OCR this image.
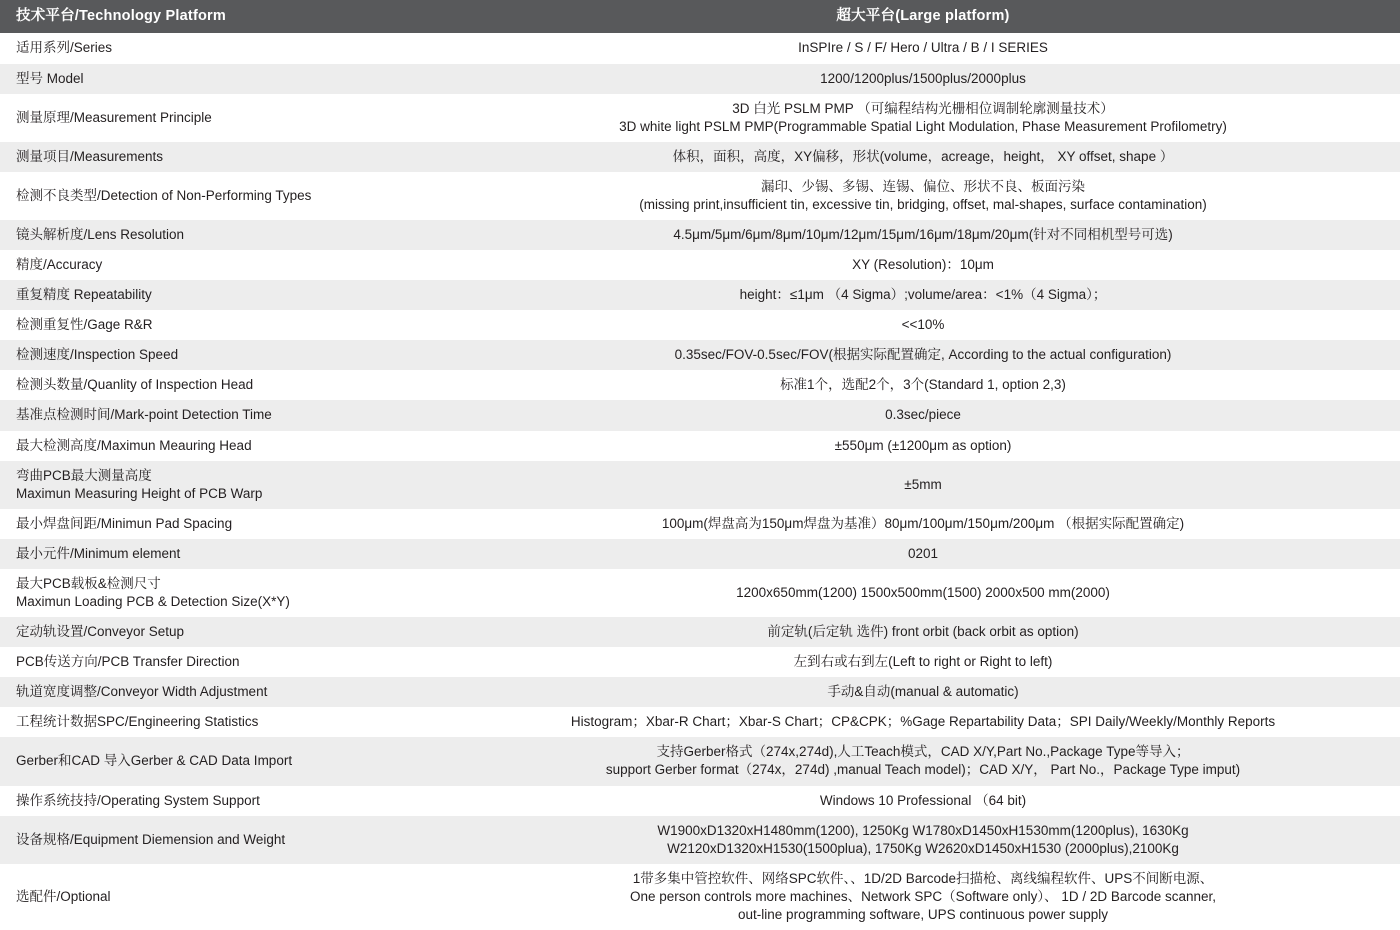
技术平台/Technology Platform	超大平台(Large platform)

适用系列/Series	InSPIre / S / F/ Hero / Ultra / B / I SERIES

型号 Model	1200/1200plus/1500plus/2000plus

测量原理/Measurement Principle	3D 白光 PSLM PMP （可编程结构光栅相位调制轮廓测量技术）
3D white light PSLM PMP(Programmable Spatial Light Modulation, Phase Measurement Profilometry)

测量项目/Measurements	体积，面积，高度，XY偏移，形状(volume，acreage，height， XY offset, shape ）

检测不良类型/Detection of Non-Performing Types	漏印、少锡、多锡、连锡、偏位、形状不良、板面污染
(missing print,insufficient tin, excessive tin, bridging, offset, mal-shapes, surface contamination)

镜头解析度/Lens Resolution	4.5μm/5μm/6μm/8μm/10μm/12μm/15μm/16μm/18μm/20μm(针对不同相机型号可选)

精度/Accuracy	XY (Resolution)：10μm

重复精度 Repeatability	height：≤1μm （4 Sigma）;volume/area：<1%（4 Sigma）；

检测重复性/Gage R&R	<<10%

检测速度/Inspection Speed	0.35sec/FOV-0.5sec/FOV(根据实际配置确定, According to the actual configuration)

检测头数量/Quanlity of Inspection Head	标准1个，选配2个，3个(Standard 1, option 2,3)

基准点检测时间/Mark-point Detection Time	0.3sec/piece

最大检测高度/Maximun Meauring Head	±550μm (±1200μm as option)

弯曲PCB最大测量高度
Maximun Measuring Height of PCB Warp	±5mm

最小焊盘间距/Minimun Pad Spacing	100μm(焊盘高为150μm焊盘为基准）80μm/100μm/150μm/200μm （根据实际配置确定)

最小元件/Minimum element	0201

最大PCB载板&检测尺寸
Maximun Loading PCB & Detection Size(X*Y)	1200x650mm(1200) 1500x500mm(1500) 2000x500 mm(2000)

定动轨设置/Conveyor Setup	前定轨(后定轨 选件) front orbit (back orbit as option)

PCB传送方向/PCB Transfer Direction	左到右或右到左(Left to right or Right to left)

轨道宽度调整/Conveyor Width Adjustment	手动&自动(manual & automatic)

工程统计数据SPC/Engineering Statistics	Histogram；Xbar-R Chart；Xbar-S Chart；CP&CPK；%Gage Repartability Data；SPI Daily/Weekly/Monthly Reports

Gerber和CAD 导入Gerber & CAD Data Import	支持Gerber格式（274x,274d),人工Teach模式，CAD X/Y,Part No.,Package Type等导入；
support Gerber format（274x，274d) ,manual Teach model)；CAD X/Y， Part No.，Package Type imput)

操作系统技持/Operating System Support	Windows 10 Professional （64 bit)

设备规格/Equipment Diemension and Weight	W1900xD1320xH1480mm(1200), 1250Kg W1780xD1450xH1530mm(1200plus), 1630Kg
W2120xD1320xH1530(1500plua), 1750Kg W2620xD1450xH1530 (2000plus),2100Kg

选配件/Optional	1带多集中管控软件、网络SPC软件、、1D/2D Barcode扫描枪、离线编程软件、UPS不间断电源、
One person controls more machines、Network SPC（Software only）、 1D / 2D Barcode scanner,
out-line programming software, UPS continuous power supply
